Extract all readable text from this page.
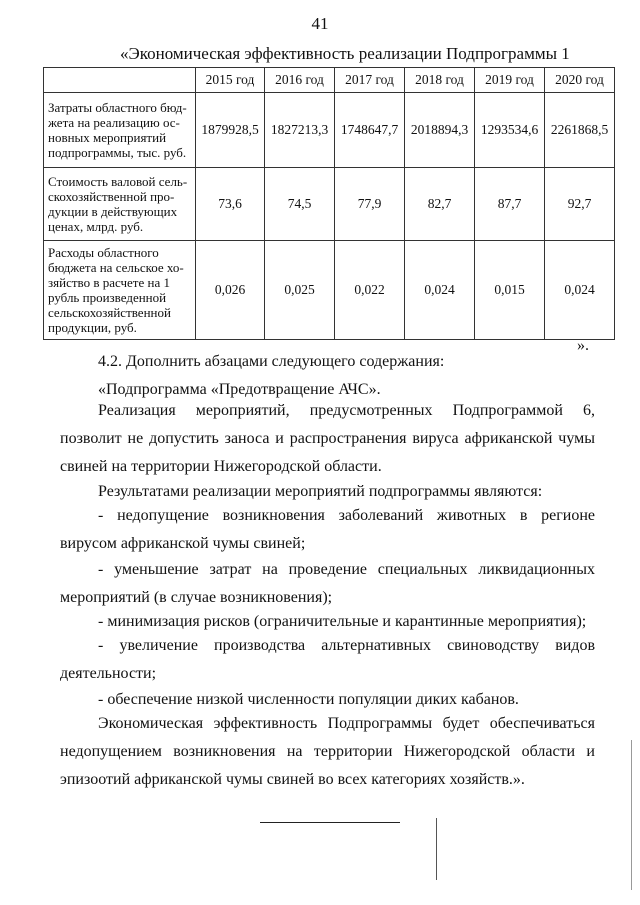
41
«Экономическая эффективность реализации Подпрограммы 1
	2015 год	2016 год	2017 год	2018 год	2019 год	2020 год
Затраты областного бюд-жета на реализацию ос-новных мероприятий подпрограммы, тыс. руб.	1879928,5	1827213,3	1748647,7	2018894,3	1293534,6	2261868,5
Стоимость валовой сель-скохозяйственной про-дукции в действующих ценах, млрд. руб.	73,6	74,5	77,9	82,7	87,7	92,7
Расходы областного бюджета на сельское хо-зяйство в расчете на 1 рубль произведенной сельскохозяйственной продукции, руб.	0,026	0,025	0,022	0,024	0,015	0,024
».
4.2. Дополнить абзацами следующего содержания:
«Подпрограмма «Предотвращение АЧС».
Реализация мероприятий, предусмотренных Подпрограммой 6, позволит не допустить заноса и распространения вируса африканской чумы свиней на территории Нижегородской области.
Результатами реализации мероприятий подпрограммы являются:
- недопущение возникновения заболеваний животных в регионе вирусом африканской чумы свиней;
- уменьшение затрат на проведение специальных ликвидационных мероприятий (в случае возникновения);
- минимизация рисков (ограничительные и карантинные мероприятия);
- увеличение производства альтернативных свиноводству видов деятельности;
- обеспечение низкой численности популяции диких кабанов.
Экономическая эффективность Подпрограммы будет обеспечиваться недопущением возникновения на территории Нижегородской области и эпизоотий африканской чумы свиней во всех категориях хозяйств.».
